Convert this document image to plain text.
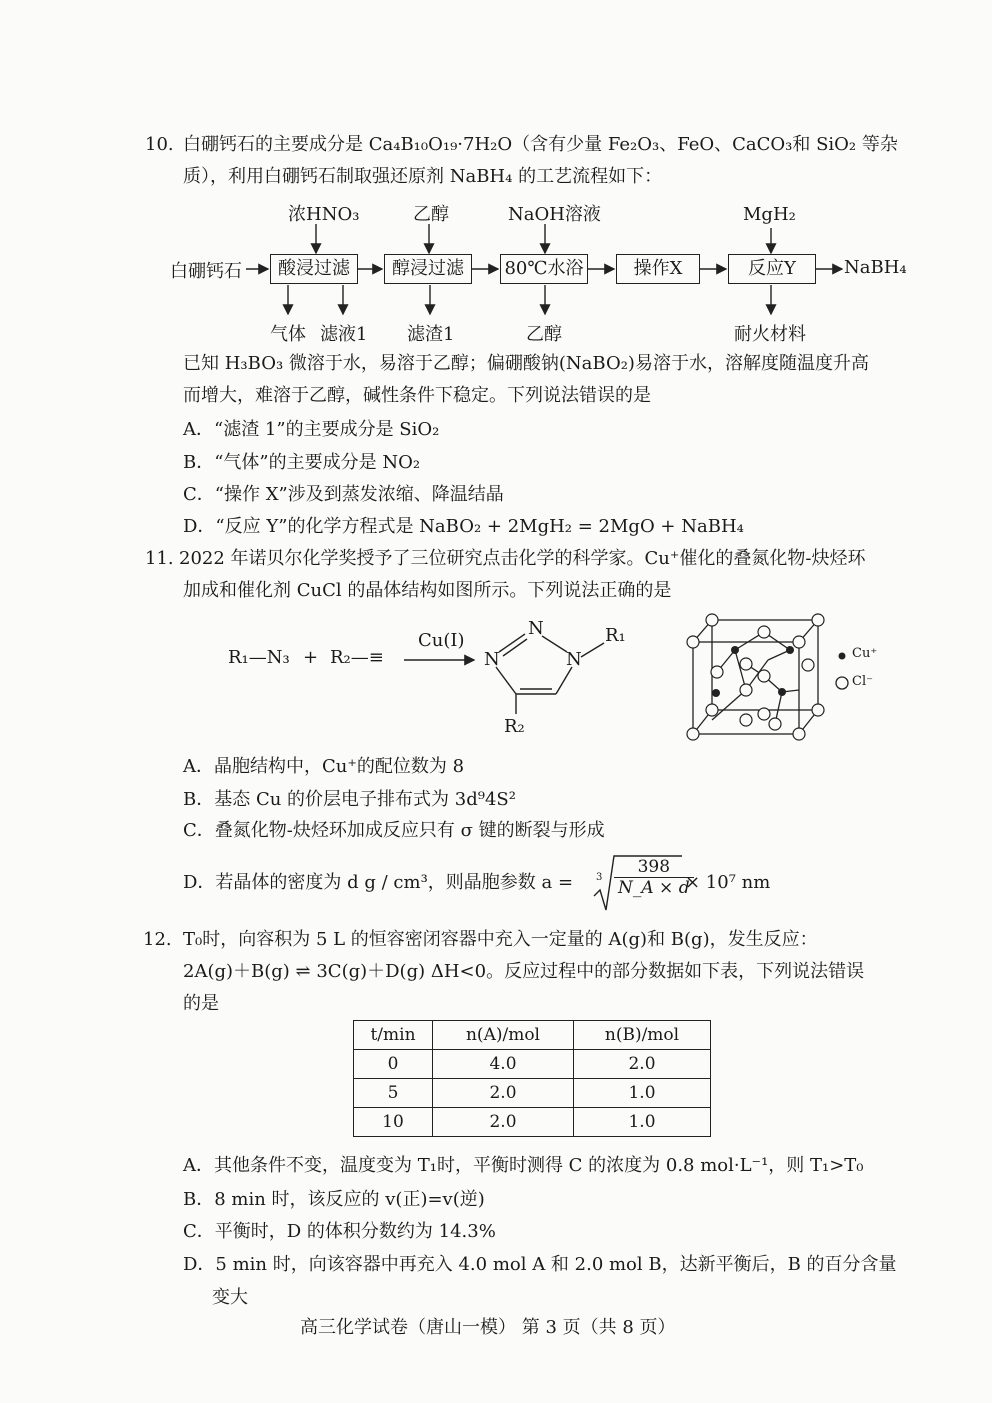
10. 白硼钙石的主要成分是 Ca₄B₁₀O₁₉·7H₂O（含有少量 Fe₂O₃、FeO、CaCO₃和 SiO₂ 等杂
质），利用白硼钙石制取强还原剂 NaBH₄ 的工艺流程如下：
白硼钙石	酸浸过滤	醇浸过滤	80℃水浴	操作X	反应Y	NaBH₄
浓HNO₃	乙醇	NaOH溶液	MgH₂
气体 滤液1 滤渣1	乙醇	耐火材料
已知 H₃BO₃ 微溶于水，易溶于乙醇；偏硼酸钠(NaBO₂)易溶于水，溶解度随温度升高
而增大，难溶于乙醇，碱性条件下稳定。下列说法错误的是
A．“滤渣 1”的主要成分是 SiO₂
B．“气体”的主要成分是 NO₂
C．“操作 X”涉及到蒸发浓缩、降温结晶
D．“反应 Y”的化学方程式是 NaBO₂ + 2MgH₂ = 2MgO + NaBH₄
11. 2022 年诺贝尔化学奖授予了三位研究点击化学的科学家。Cu⁺催化的叠氮化物-炔烃环
加成和催化剂 CuCl 的晶体结构如图所示。下列说法正确的是
R₁—N₃ + R₂—≡
Cu(I)
N
N	N
R₁
R₂
Cu⁺
Cl⁻
A．晶胞结构中，Cu⁺的配位数为 8
B．基态 Cu 的价层电子排布式为 3d⁹4S²
C．叠氮化物-炔烃环加成反应只有 σ 键的断裂与形成
D．若晶体的密度为 d g / cm³，则晶胞参数 $a = 3 \frac{398}{N\_A \times d}$
× 10⁷ nm
12. T₀时，向容积为 5 L 的恒容密闭容器中充入一定量的 A(g)和 B(g)，发生反应：
2A(g)＋B(g) ⇌ 3C(g)＋D(g) ΔH<0。反应过程中的部分数据如下表，下列说法错误
的是
t/min	n(A)/mol	n(B)/mol
0	4.0	2.0
5	2.0	1.0
10	2.0	1.0
A．其他条件不变，温度变为 T₁时，平衡时测得 C 的浓度为 0.8 mol·L⁻¹，则 T₁>T₀
B．8 min 时，该反应的 v(正)=v(逆)
C．平衡时，D 的体积分数约为 14.3%
D．5 min 时，向该容器中再充入 4.0 mol A 和 2.0 mol B，达新平衡后，B 的百分含量
变大
高三化学试卷（唐山一模） 第 3 页（共 8 页）
